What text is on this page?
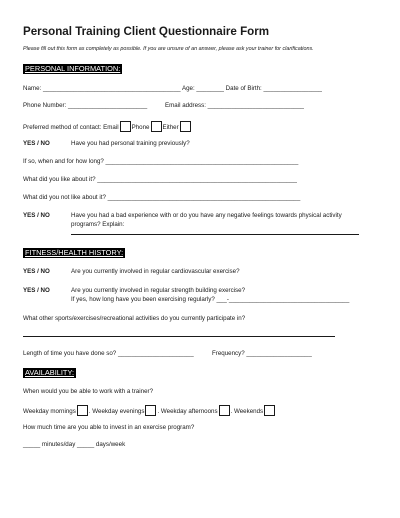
Personal Training Client Questionnaire Form
Please fill out this form as completely as possible. If you are unsure of an answer, please ask your trainer for clarifications.
PERSONAL INFORMATION:
Name: ________________________________________ Age: ________ Date of Birth: _________________
Phone Number: _______________________	Email address: ____________________________
Preferred method of contact: Email Phone Either
YES / NO	Have you had personal training previously?
If so, when and for how long? ________________________________________________________
What did you like about it? __________________________________________________________
What did you not like about it? ________________________________________________________
YES / NO	Have you had a bad experience with or do you have any negative feelings towards physical activity
programs? Explain:
FITNESS/HEALTH HISTORY:
YES / NO	Are you currently involved in regular cardiovascular exercise?
YES / NO	Are you currently involved in regular strength building exercise?
If yes, how long have you been exercising regularly? ___-___________________________________
What other sports/exercises/recreational activities do you currently participate in?
Length of time you have done so? ______________________	Frequency? ___________________
AVAILABILITY:
When would you be able to work with a trainer?
Weekday mornings . Weekday evenings . Weekday afternoons . Weekends
How much time are you able to invest in an exercise program?
_____ minutes/day _____ days/week
